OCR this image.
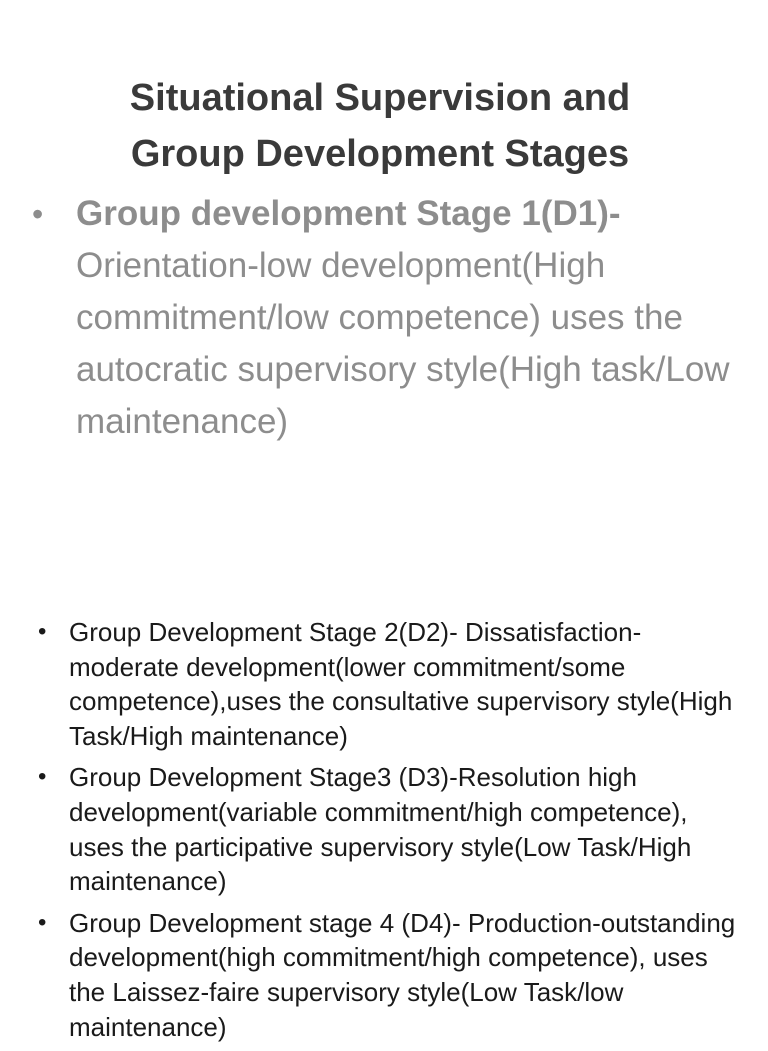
Situational Supervision and
Group Development Stages
• Group development Stage 1(D1)-
Orientation-low development(High commitment/low competence) uses the autocratic supervisory style(High task/Low maintenance)
• Group Development Stage 2(D2)- Dissatisfaction-moderate development(lower commitment/some competence),uses the consultative supervisory style(High Task/High maintenance)
• Group Development Stage3 (D3)-Resolution high development(variable commitment/high competence), uses the participative supervisory style(Low Task/High maintenance)
• Group Development stage 4 (D4)- Production-outstanding development(high commitment/high competence), uses the Laissez-faire supervisory style(Low Task/low maintenance)
